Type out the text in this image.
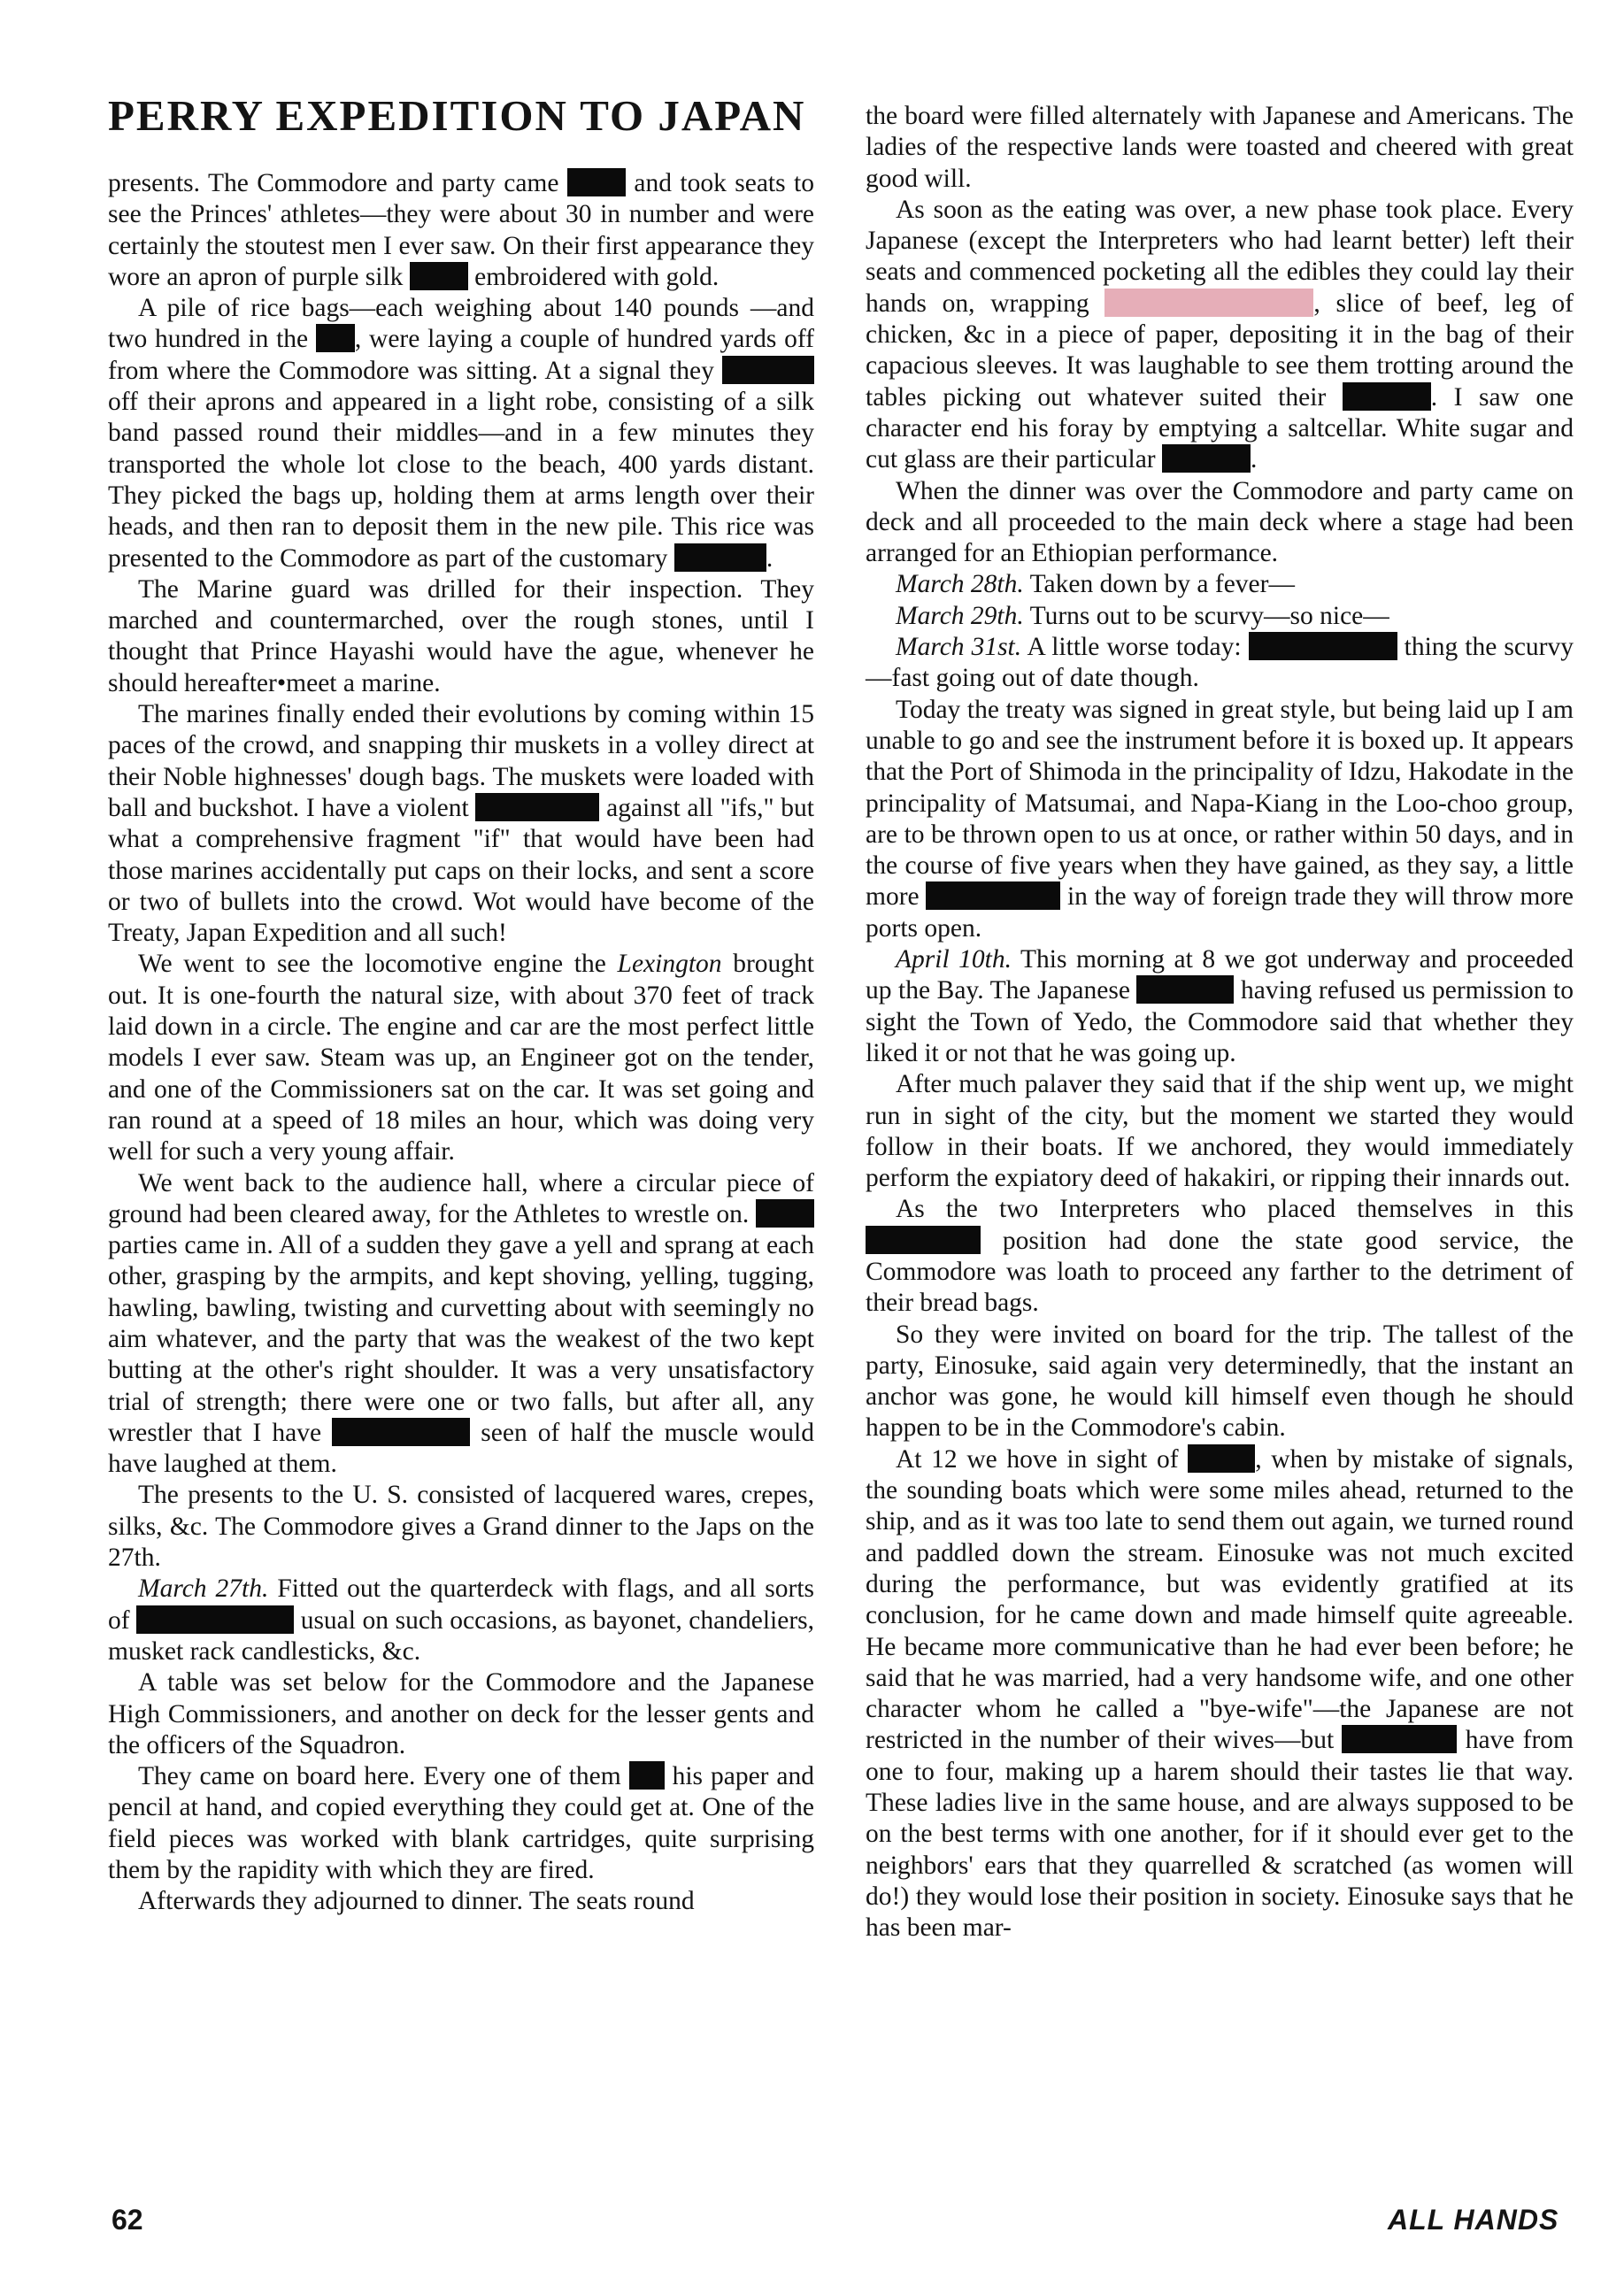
PERRY EXPEDITION TO JAPAN

presents. The Commodore and party came  and took seats to see the Princes' athletes—they were about 30 in number and were certainly the stoutest men I ever saw. On their first appearance they wore an apron of purple silk  embroidered with gold.

A pile of rice bags—each weighing about 140 pounds —and two hundred in the , were laying a couple of hundred yards off from where the Commodore was sitting. At a signal they  off their aprons and appeared in a light robe, consisting of a silk band passed round their middles—and in a few minutes they transported the whole lot close to the beach, 400 yards distant. They picked the bags up, holding them at arms length over their heads, and then ran to deposit them in the new pile. This rice was presented to the Commodore as part of the customary	.

The Marine guard was drilled for their inspection. They marched and countermarched, over the rough stones, until I thought that Prince Hayashi would have the ague, whenever he should hereafter•meet a marine.

The marines finally ended their evolutions by coming within 15 paces of the crowd, and snapping thir muskets in a volley direct at their Noble highnesses' dough bags. The muskets were loaded with ball and buckshot. I have a violent	against all "ifs," but what a comprehensive fragment "if" that would have been had those marines accidentally put caps on their locks, and sent a score or two of bullets into the crowd. Wot would have become of the Treaty, Japan Expedition and all such!

We went to see the locomotive engine the Lexington brought out. It is one-fourth the natural size, with about 370 feet of track laid down in a circle. The engine and car are the most perfect little models I ever saw. Steam was up, an Engineer got on the tender, and one of the Commissioners sat on the car. It was set going and ran round at a speed of 18 miles an hour, which was doing very well for such a very young affair.

We went back to the audience hall, where a circular piece of ground had been cleared away, for the Athletes to wrestle on.  parties came in. All of a sudden they gave a yell and sprang at each other, grasping by the armpits, and kept shoving, yelling, tugging, hawling, bawling, twisting and curvetting about with seemingly no aim whatever, and the party that was the weakest of the two kept butting at the other's right shoulder. It was a very unsatisfactory trial of strength; there were one or two falls, but after all, any wrestler that I have	seen of half the muscle would have laughed at them.

The presents to the U. S. consisted of lacquered wares, crepes, silks, &c. The Commodore gives a Grand dinner to the Japs on the 27th.

March 27th. Fitted out the quarterdeck with flags, and all sorts of	usual on such occasions, as bayonet, chandeliers, musket rack candlesticks, &c.

A table was set below for the Commodore and the Japanese High Commissioners, and another on deck for the lesser gents and the officers of the Squadron.

They came on board here. Every one of them  his paper and pencil at hand, and copied everything they could get at. One of the field pieces was worked with blank cartridges, quite surprising them by the rapidity with which they are fired.

Afterwards they adjourned to dinner. The seats round

the board were filled alternately with Japanese and Americans. The ladies of the respective lands were toasted and cheered with great good will.

As soon as the eating was over, a new phase took place. Every Japanese (except the Interpreters who had learnt better) left their seats and commenced pocketing all the edibles they could lay their hands on, wrapping	, slice of beef, leg of chicken, &c in a piece of paper, depositing it in the bag of their capacious sleeves. It was laughable to see them trotting around the tables picking out whatever suited their	. I saw one character end his foray by emptying a saltcellar. White sugar and cut glass are their particular	.

When the dinner was over the Commodore and party came on deck and all proceeded to the main deck where a stage had been arranged for an Ethiopian performance.

March 28th. Taken down by a fever—

March 29th. Turns out to be scurvy—so nice—

March 31st. A little worse today:	thing the scurvy—fast going out of date though.

Today the treaty was signed in great style, but being laid up I am unable to go and see the instrument before it is boxed up. It appears that the Port of Shimoda in the principality of Idzu, Hakodate in the principality of Matsumai, and Napa-Kiang in the Loo-choo group, are to be thrown open to us at once, or rather within 50 days, and in the course of five years when they have gained, as they say, a little more	in the way of foreign trade they will throw more ports open.

April 10th. This morning at 8 we got underway and proceeded up the Bay. The Japanese	having refused us permission to sight the Town of Yedo, the Commodore said that whether they liked it or not that he was going up.

After much palaver they said that if the ship went up, we might run in sight of the city, but the moment we started they would follow in their boats. If we anchored, they would immediately perform the expiatory deed of hakakiri, or ripping their innards out.

As the two Interpreters who placed themselves in this  position had done the state good service, the Commodore was loath to proceed any farther to the detriment of their bread bags.

So they were invited on board for the trip. The tallest of the party, Einosuke, said again very determinedly, that the instant an anchor was gone, he would kill himself even though he should happen to be in the Commodore's cabin.

At 12 we hove in sight of	, when by mistake of signals, the sounding boats which were some miles ahead, returned to the ship, and as it was too late to send them out again, we turned round and paddled down the stream. Einosuke was not much excited during the performance, but was evidently gratified at its conclusion, for he came down and made himself quite agreeable. He became more communicative than he had ever been before; he said that he was married, had a very handsome wife, and one other character whom he called a "bye-wife"—the Japanese are not restricted in the number of their wives—but	have from one to four, making up a harem should their tastes lie that way. These ladies live in the same house, and are always supposed to be on the best terms with one another, for if it should ever get to the neighbors' ears that they quarrelled & scratched (as women will do!) they would lose their position in society. Einosuke says that he has been mar-

62	ALL HANDS
